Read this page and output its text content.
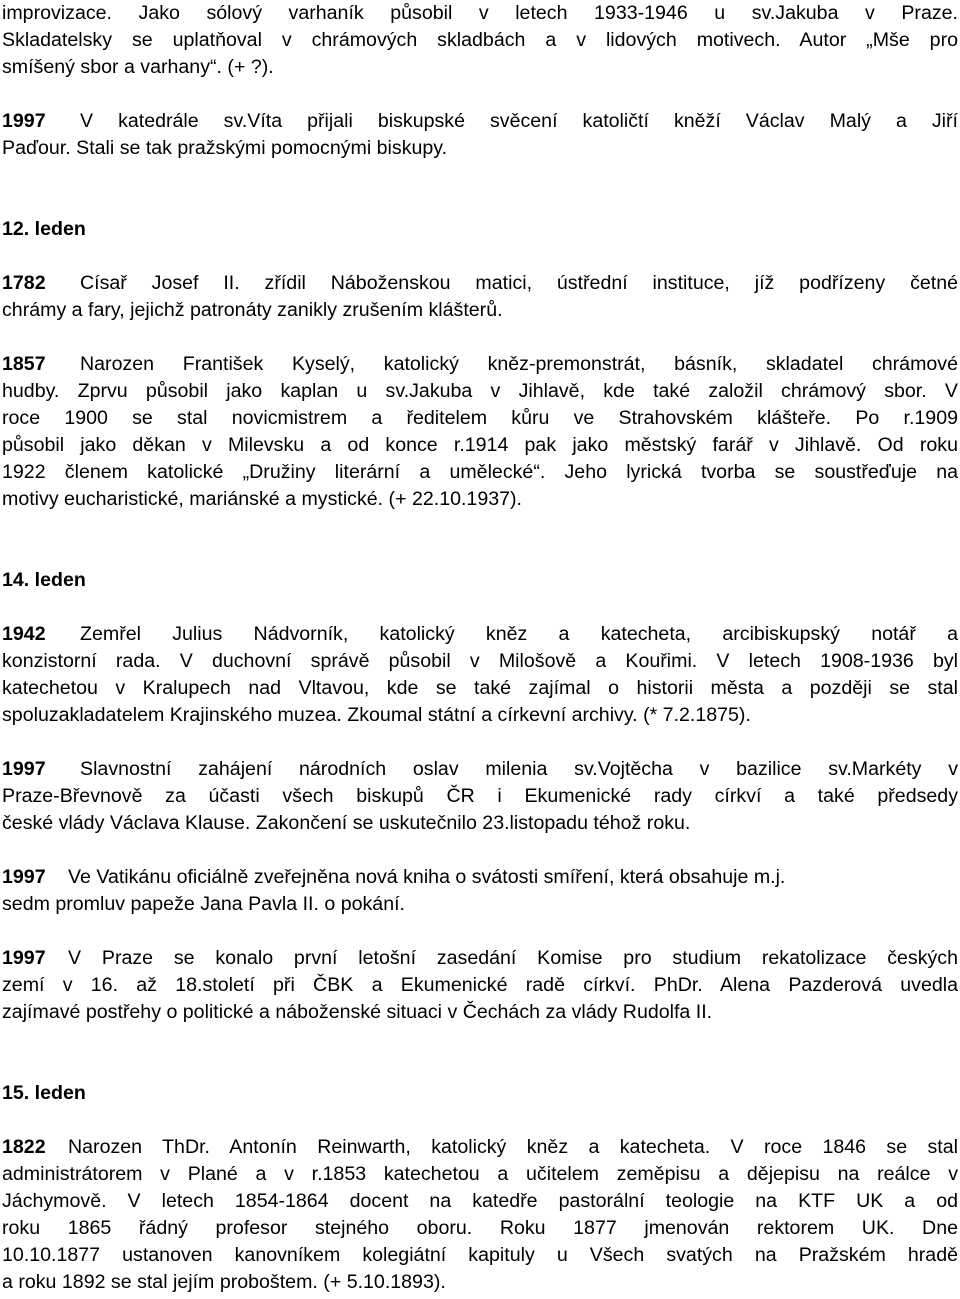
improvizace. Jako sólový varhaník působil v letech 1933-1946 u sv.Jakuba v Praze.
Skladatelsky se uplatňoval v chrámových skladbách a v lidových motivech. Autor „Mše pro
smíšený sbor a varhany“. (+ ?).
1997 V katedrále sv.Víta přijali biskupské svěcení katoličtí kněží Václav Malý a Jiří
Paďour. Stali se tak pražskými pomocnými biskupy.
12. leden
1782 Císař Josef II. zřídil Náboženskou matici, ústřední instituce, jíž podřízeny četné
chrámy a fary, jejichž patronáty zanikly zrušením klášterů.
1857 Narozen František Kyselý, katolický kněz-premonstrát, básník, skladatel chrámové
hudby. Zprvu působil jako kaplan u sv.Jakuba v Jihlavě, kde také založil chrámový sbor. V
roce 1900 se stal novicmistrem a ředitelem kůru ve Strahovském klášteře. Po r.1909
působil jako děkan v Milevsku a od konce r.1914 pak jako městský farář v Jihlavě. Od roku
1922 členem katolické „Družiny literární a umělecké“. Jeho lyrická tvorba se soustřeďuje na
motivy eucharistické, mariánské a mystické. (+ 22.10.1937).
14. leden
1942 Zemřel Julius Nádvorník, katolický kněz a katecheta, arcibiskupský notář a
konzistorní rada. V duchovní správě působil v Milošově a Kouřimi. V letech 1908-1936 byl
katechetou v Kralupech nad Vltavou, kde se také zajímal o historii města a později se stal
spoluzakladatelem Krajinského muzea. Zkoumal státní a církevní archivy. (* 7.2.1875).
1997 Slavnostní zahájení národních oslav milenia sv.Vojtěcha v bazilice sv.Markéty v
Praze-Břevnově za účasti všech biskupů ČR i Ekumenické rady církví a také předsedy
české vlády Václava Klause. Zakončení se uskutečnilo 23.listopadu téhož roku.
1997 Ve Vatikánu oficiálně zveřejněna nová kniha o svátosti smíření, která obsahuje m.j.
sedm promluv papeže Jana Pavla II. o pokání.
1997 V Praze se konalo první letošní zasedání Komise pro studium rekatolizace českých
zemí v 16. až 18.století při ČBK a Ekumenické radě církví. PhDr. Alena Pazderová uvedla
zajímavé postřehy o politické a náboženské situaci v Čechách za vlády Rudolfa II.
15. leden
1822 Narozen ThDr. Antonín Reinwarth, katolický kněz a katecheta. V roce 1846 se stal
administrátorem v Plané a v r.1853 katechetou a učitelem zeměpisu a dějepisu na reálce v
Jáchymově. V letech 1854-1864 docent na katedře pastorální teologie na KTF UK a od
roku 1865 řádný profesor stejného oboru. Roku 1877 jmenován rektorem UK. Dne
10.10.1877 ustanoven kanovníkem kolegiátní kapituly u Všech svatých na Pražském hradě
a roku 1892 se stal jejím proboštem. (+ 5.10.1893).
